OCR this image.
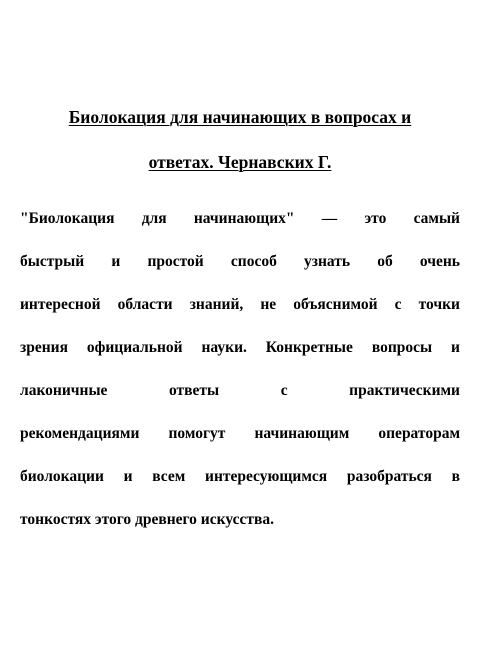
Биолокация для начинающих в вопросах и
ответах. Чернавских Г.
"Биолокация для начинающих" — это самый
быстрый и простой способ узнать об очень
интересной области знаний, не объяснимой с точки
зрения официальной науки. Конкретные вопросы и
лаконичные ответы с практическими
рекомендациями помогут начинающим операторам
биолокации и всем интересующимся разобраться в
тонкостях этого древнего искусства.
